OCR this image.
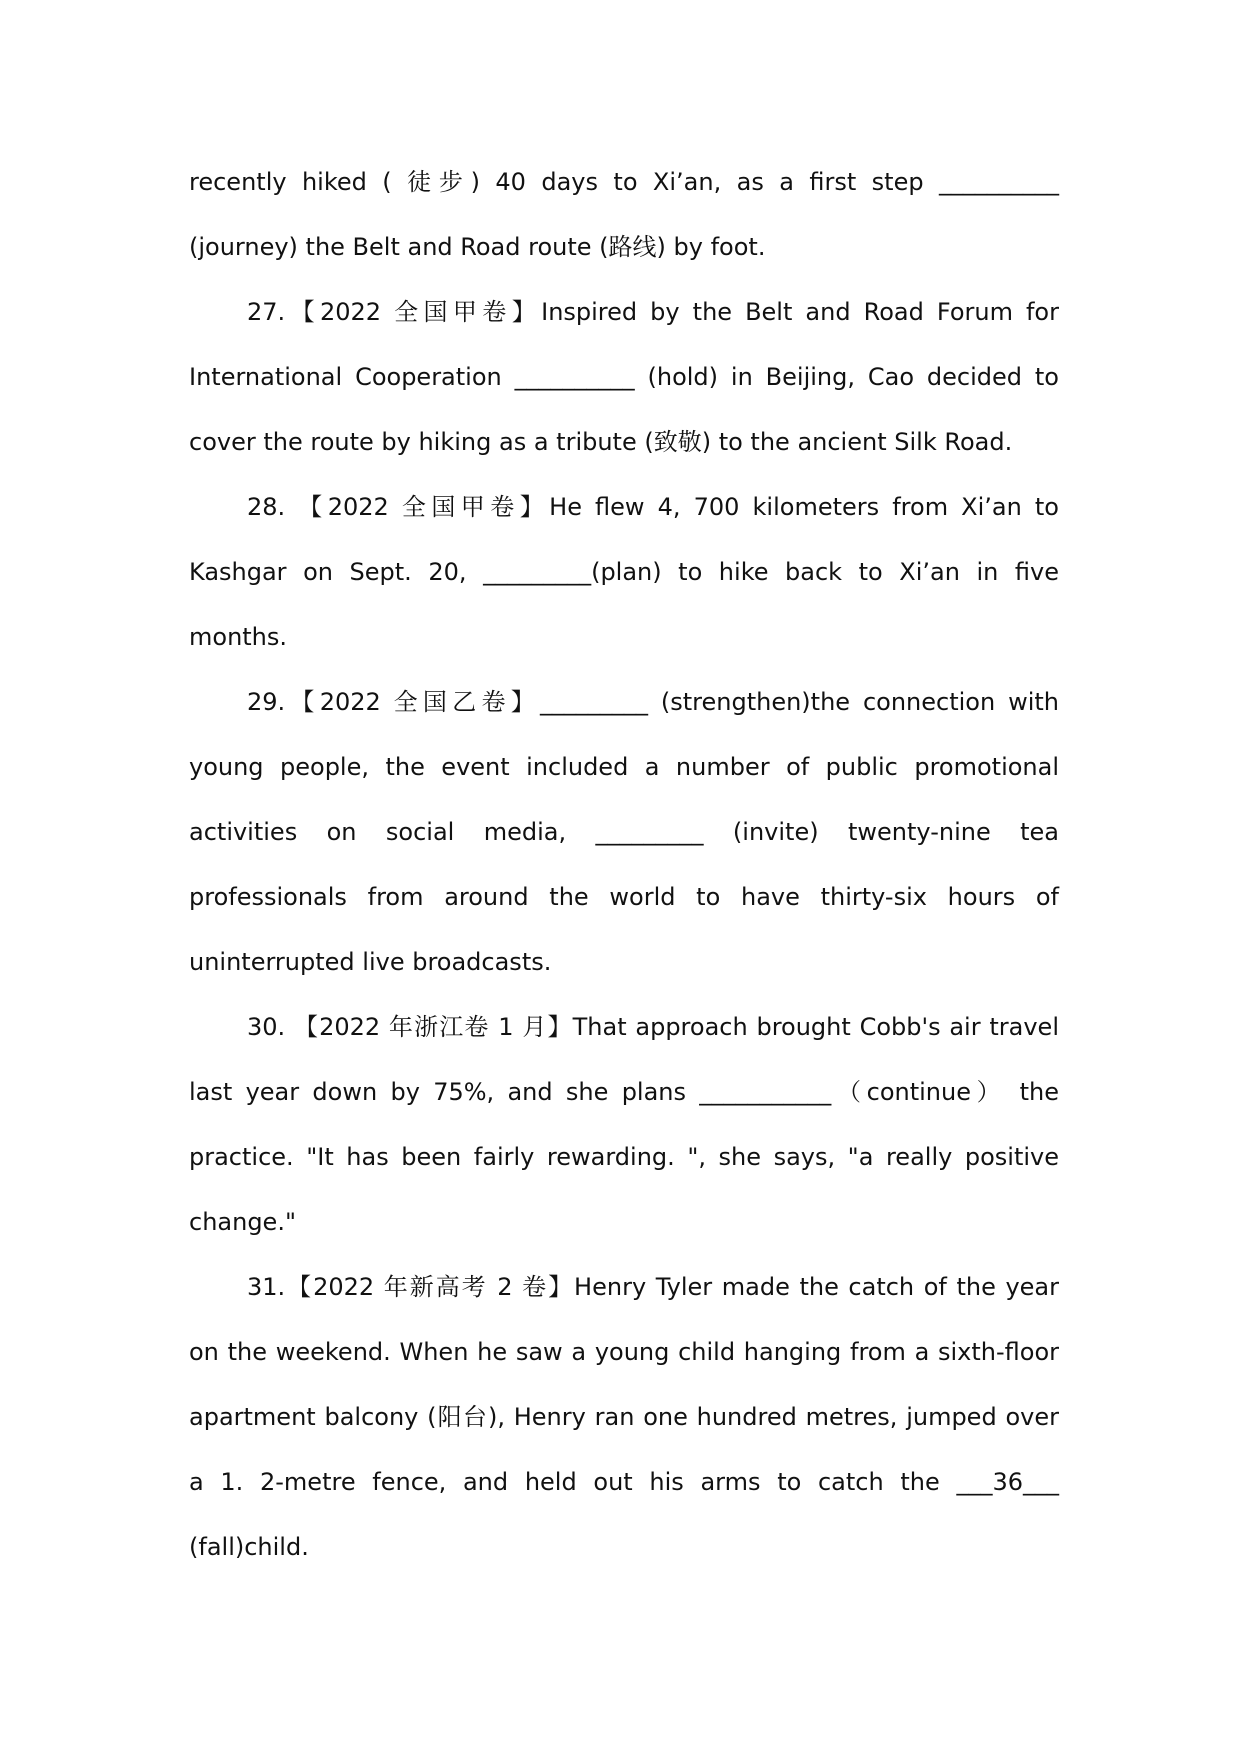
recently hiked ( 徒步) 40 days to Xi’an, as a first step __________ (journey) the Belt and Road route (路线) by foot.

27.【2022 全国甲卷】Inspired by the Belt and Road Forum for International Cooperation __________ (hold) in Beijing, Cao decided to cover the route by hiking as a tribute (致敬) to the ancient Silk Road.

28. 【2022 全国甲卷】He flew 4, 700 kilometers from Xi’an to Kashgar on Sept. 20, _________(plan) to hike back to Xi’an in five months.

29.【2022 全国乙卷】_________ (strengthen)the connection with young people, the event included a number of public promotional activities on social media, _________ (invite) twenty-nine tea professionals from around the world to have thirty-six hours of uninterrupted live broadcasts.

30. 【2022 年浙江卷 1 月】That approach brought Cobb's air travel last year down by 75%, and she plans ___________（continue） the practice. "It has been fairly rewarding. ", she says, "a really positive change."

31.【2022 年新高考 2 卷】Henry Tyler made the catch of the year on the weekend. When he saw a young child hanging from a sixth-floor apartment balcony (阳台), Henry ran one hundred metres, jumped over a 1. 2-metre fence, and held out his arms to catch the ___36___ (fall)child.
